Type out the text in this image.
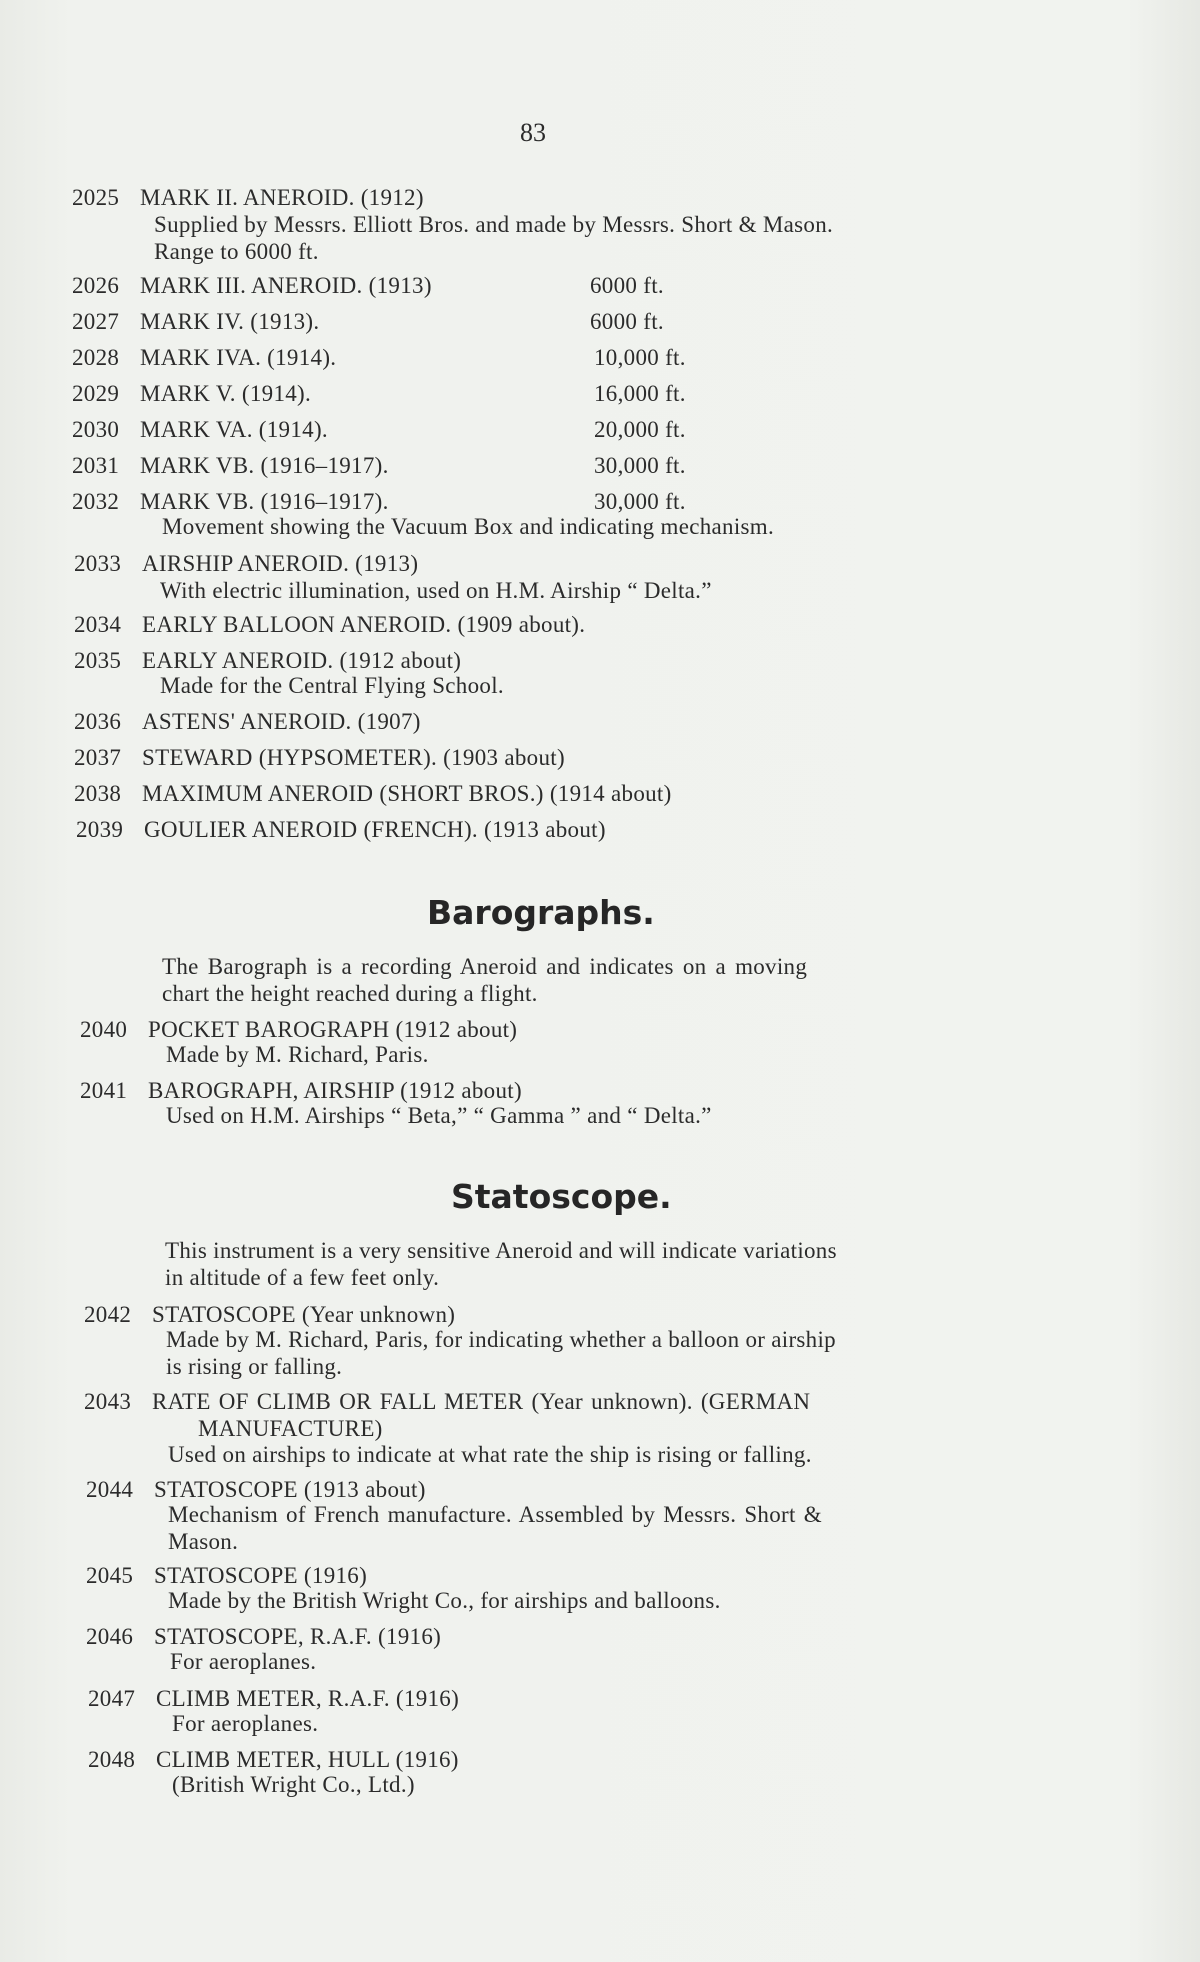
83
2025 MARK II. ANEROID. (1912)
Supplied by Messrs. Elliott Bros. and made by Messrs. Short & Mason.
Range to 6000 ft.
2026 MARK III. ANEROID. (1913)	6000 ft.
2027 MARK IV. (1913).	6000 ft.
2028 MARK IVA. (1914).	10,000 ft.
2029 MARK V. (1914).	16,000 ft.
2030 MARK VA. (1914).	20,000 ft.
2031 MARK VB. (1916–1917).	30,000 ft.
2032 MARK VB. (1916–1917).	30,000 ft.
Movement showing the Vacuum Box and indicating mechanism.
2033 AIRSHIP ANEROID. (1913)
With electric illumination, used on H.M. Airship “ Delta.”
2034 EARLY BALLOON ANEROID. (1909 about).
2035 EARLY ANEROID. (1912 about)
Made for the Central Flying School.
2036 ASTENS' ANEROID. (1907)
2037 STEWARD (HYPSOMETER). (1903 about)
2038 MAXIMUM ANEROID (SHORT BROS.) (1914 about)
2039 GOULIER ANEROID (FRENCH). (1913 about)
Barographs.
The Barograph is a recording Aneroid and indicates on a moving
chart the height reached during a flight.
2040 POCKET BAROGRAPH (1912 about)
Made by M. Richard, Paris.
2041 BAROGRAPH, AIRSHIP (1912 about)
Used on H.M. Airships “ Beta,” “ Gamma ” and “ Delta.”
Statoscope.
This instrument is a very sensitive Aneroid and will indicate variations
in altitude of a few feet only.
2042 STATOSCOPE (Year unknown)
Made by M. Richard, Paris, for indicating whether a balloon or airship
is rising or falling.
2043 RATE OF CLIMB OR FALL METER (Year unknown). (GERMAN
MANUFACTURE)
Used on airships to indicate at what rate the ship is rising or falling.
2044 STATOSCOPE (1913 about)
Mechanism of French manufacture. Assembled by Messrs. Short &
Mason.
2045 STATOSCOPE (1916)
Made by the British Wright Co., for airships and balloons.
2046 STATOSCOPE, R.A.F. (1916)
For aeroplanes.
2047 CLIMB METER, R.A.F. (1916)
For aeroplanes.
2048 CLIMB METER, HULL (1916)
(British Wright Co., Ltd.)
